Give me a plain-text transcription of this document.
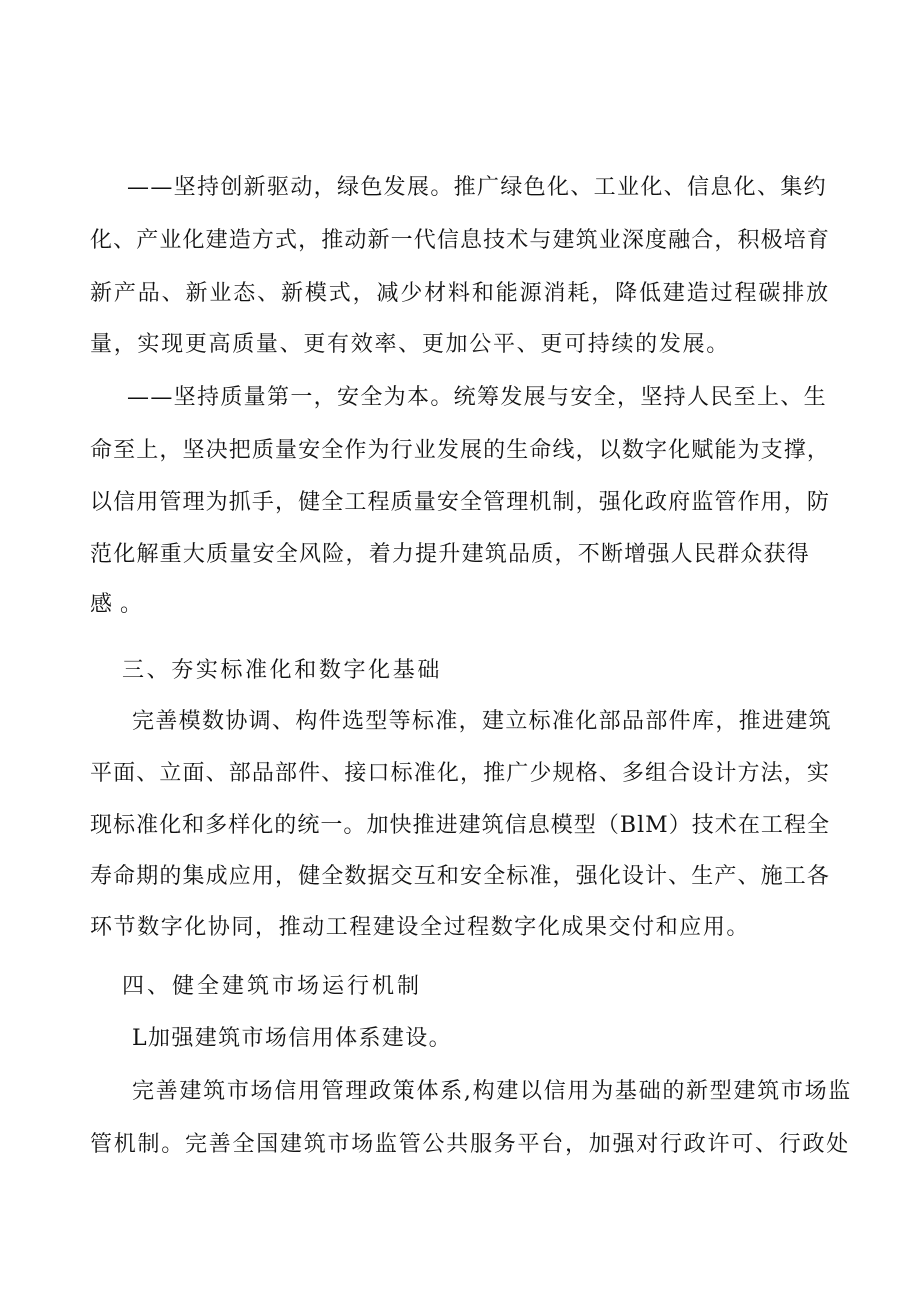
——坚持创新驱动，绿色发展。推广绿色化、工业化、信息化、集约
化、产业化建造方式，推动新一代信息技术与建筑业深度融合，积极培育
新产品、新业态、新模式，减少材料和能源消耗，降低建造过程碳排放
量，实现更高质量、更有效率、更加公平、更可持续的发展。
——坚持质量第一，安全为本。统筹发展与安全，坚持人民至上、生
命至上，坚决把质量安全作为行业发展的生命线，以数字化赋能为支撑，
以信用管理为抓手，健全工程质量安全管理机制，强化政府监管作用，防
范化解重大质量安全风险，着力提升建筑品质，不断增强人民群众获得
感。
三、夯实标准化和数字化基础
完善模数协调、构件选型等标准，建立标准化部品部件库，推进建筑
平面、立面、部品部件、接口标准化，推广少规格、多组合设计方法，实
现标准化和多样化的统一。加快推进建筑信息模型（BlM）技术在工程全
寿命期的集成应用，健全数据交互和安全标准，强化设计、生产、施工各
环节数字化协同，推动工程建设全过程数字化成果交付和应用。
四、健全建筑市场运行机制
L加强建筑市场信用体系建设。
完善建筑市场信用管理政策体系,构建以信用为基础的新型建筑市场监
管机制。完善全国建筑市场监管公共服务平台，加强对行政许可、行政处
